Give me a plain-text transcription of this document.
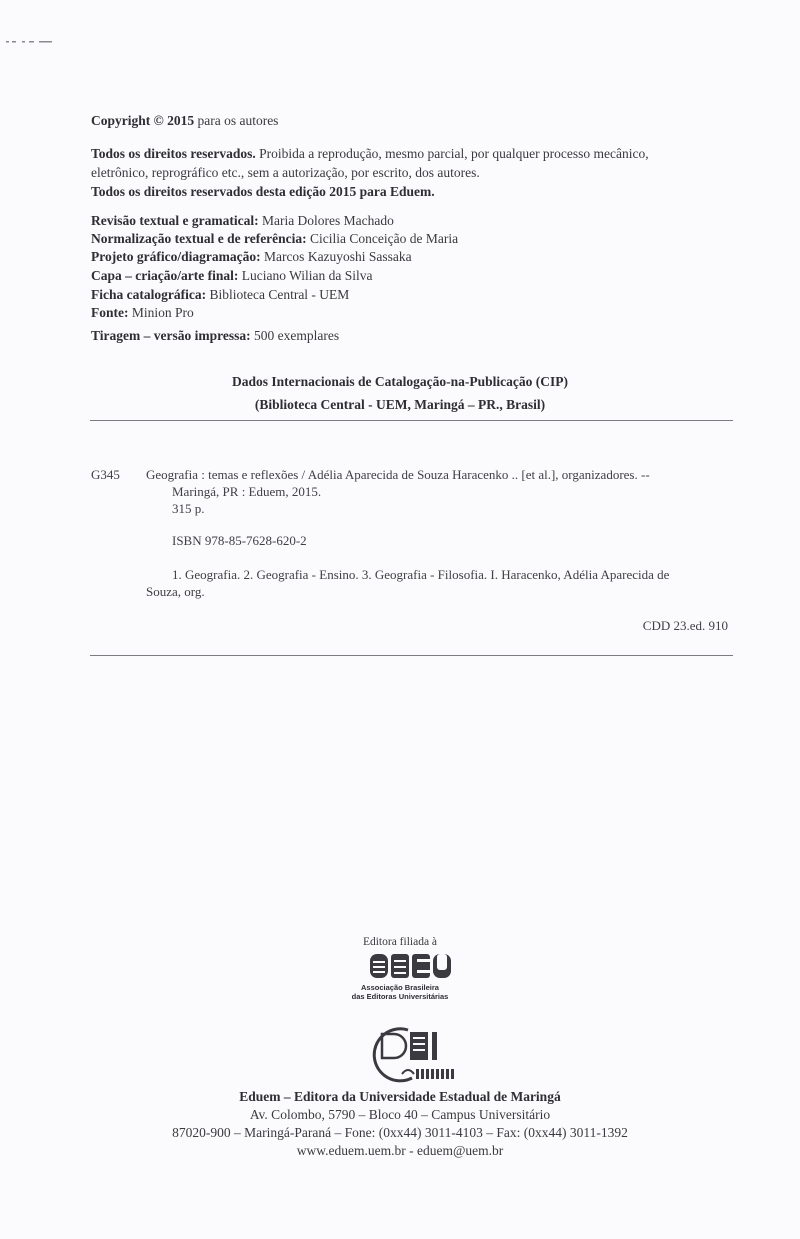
Copyright © 2015 para os autores
Todos os direitos reservados. Proibida a reprodução, mesmo parcial, por qualquer processo mecânico,
eletrônico, reprográfico etc., sem a autorização, por escrito, dos autores.
Todos os direitos reservados desta edição 2015 para Eduem.
Revisão textual e gramatical: Maria Dolores Machado
Normalização textual e de referência: Cicilia Conceição de Maria
Projeto gráfico/diagramação: Marcos Kazuyoshi Sassaka
Capa – criação/arte final: Luciano Wilian da Silva
Ficha catalográfica: Biblioteca Central - UEM
Fonte: Minion Pro
Tiragem – versão impressa: 500 exemplares
Dados Internacionais de Catalogação-na-Publicação (CIP)
(Biblioteca Central - UEM, Maringá – PR., Brasil)
G345 Geografia : temas e reflexões / Adélia Aparecida de Souza Haracenko .. [et al.], organizadores. --
Maringá, PR : Eduem, 2015.
315 p.
ISBN 978-85-7628-620-2
1. Geografia. 2. Geografia - Ensino. 3. Geografia - Filosofia. I. Haracenko, Adélia Aparecida de
Souza, org.
CDD 23.ed. 910
Editora filiada à
Associação Brasileira
das Editoras Universitárias
Eduem – Editora da Universidade Estadual de Maringá
Av. Colombo, 5790 – Bloco 40 – Campus Universitário
87020-900 – Maringá-Paraná – Fone: (0xx44) 3011-4103 – Fax: (0xx44) 3011-1392
www.eduem.uem.br - eduem@uem.br
